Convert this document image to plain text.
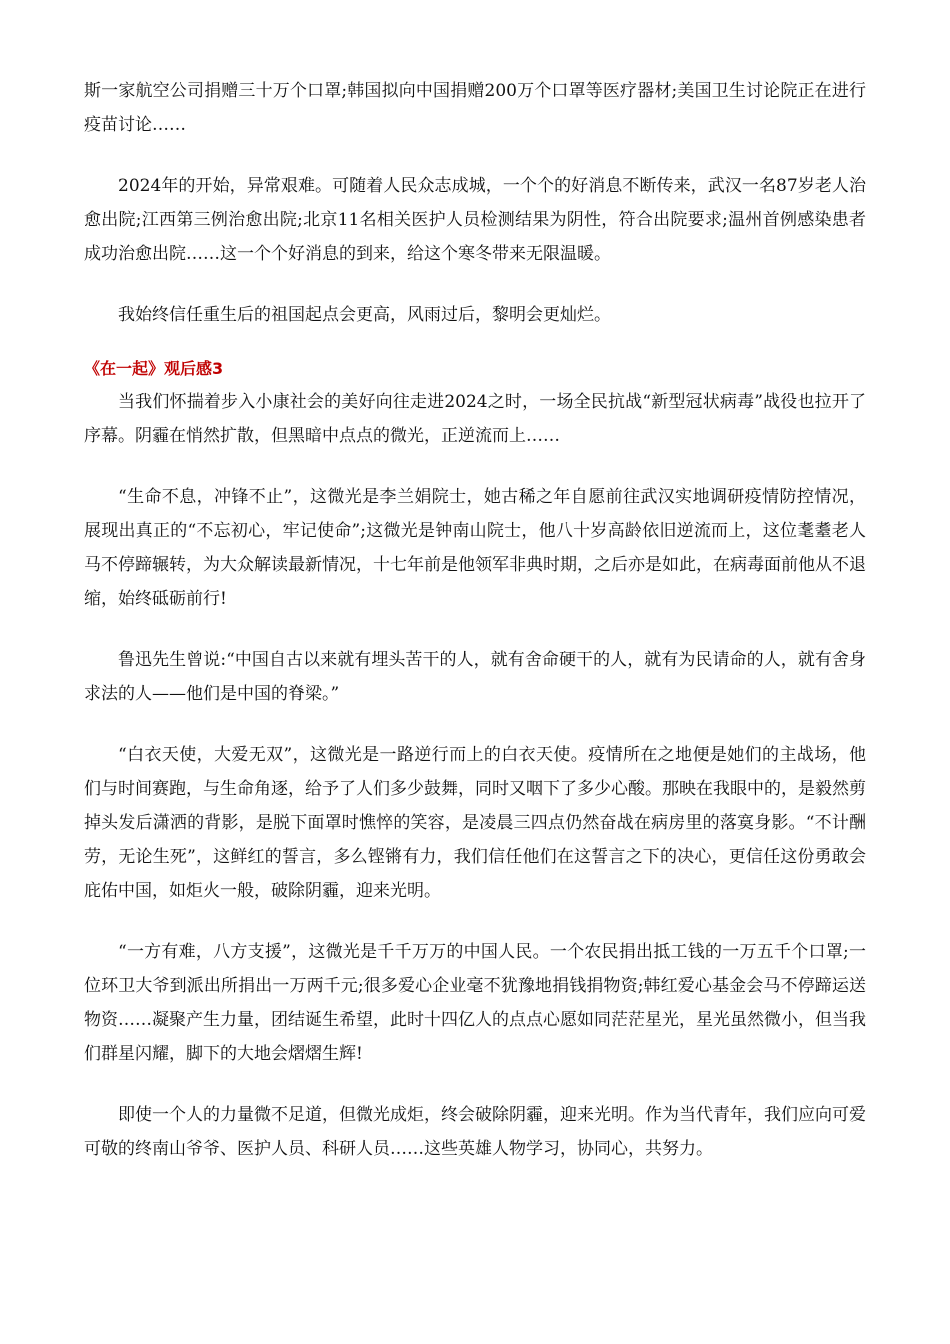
斯一家航空公司捐赠三十万个口罩;韩国拟向中国捐赠200万个口罩等医疗器材;美国卫生讨论院正在进行疫苗讨论……

2024年的开始，异常艰难。可随着人民众志成城，一个个的好消息不断传来，武汉一名87岁老人治愈出院;江西第三例治愈出院;北京11名相关医护人员检测结果为阴性，符合出院要求;温州首例感染患者成功治愈出院……这一个个好消息的到来，给这个寒冬带来无限温暖。

我始终信任重生后的祖国起点会更高，风雨过后，黎明会更灿烂。

《在一起》观后感3

当我们怀揣着步入小康社会的美好向往走进2024之时，一场全民抗战“新型冠状病毒”战役也拉开了序幕。阴霾在悄然扩散，但黑暗中点点的微光，正逆流而上……

“生命不息，冲锋不止”，这微光是李兰娟院士，她古稀之年自愿前往武汉实地调研疫情防控情况，展现出真正的“不忘初心，牢记使命”;这微光是钟南山院士，他八十岁高龄依旧逆流而上，这位耄耋老人马不停蹄辗转，为大众解读最新情况，十七年前是他领军非典时期，之后亦是如此，在病毒面前他从不退缩，始终砥砺前行!

鲁迅先生曾说:“中国自古以来就有埋头苦干的人，就有舍命硬干的人，就有为民请命的人，就有舍身求法的人——他们是中国的脊梁。”

“白衣天使，大爱无双”，这微光是一路逆行而上的白衣天使。疫情所在之地便是她们的主战场，他们与时间赛跑，与生命角逐，给予了人们多少鼓舞，同时又咽下了多少心酸。那映在我眼中的，是毅然剪掉头发后潇洒的背影，是脱下面罩时憔悴的笑容，是凌晨三四点仍然奋战在病房里的落寞身影。“不计酬劳，无论生死”，这鲜红的誓言，多么铿锵有力，我们信任他们在这誓言之下的决心，更信任这份勇敢会庇佑中国，如炬火一般，破除阴霾，迎来光明。

“一方有难，八方支援”，这微光是千千万万的中国人民。一个农民捐出抵工钱的一万五千个口罩;一位环卫大爷到派出所捐出一万两千元;很多爱心企业毫不犹豫地捐钱捐物资;韩红爱心基金会马不停蹄运送物资……凝聚产生力量，团结诞生希望，此时十四亿人的点点心愿如同茫茫星光，星光虽然微小，但当我们群星闪耀，脚下的大地会熠熠生辉!

即使一个人的力量微不足道，但微光成炬，终会破除阴霾，迎来光明。作为当代青年，我们应向可爱可敬的终南山爷爷、医护人员、科研人员……这些英雄人物学习，协同心，共努力。
